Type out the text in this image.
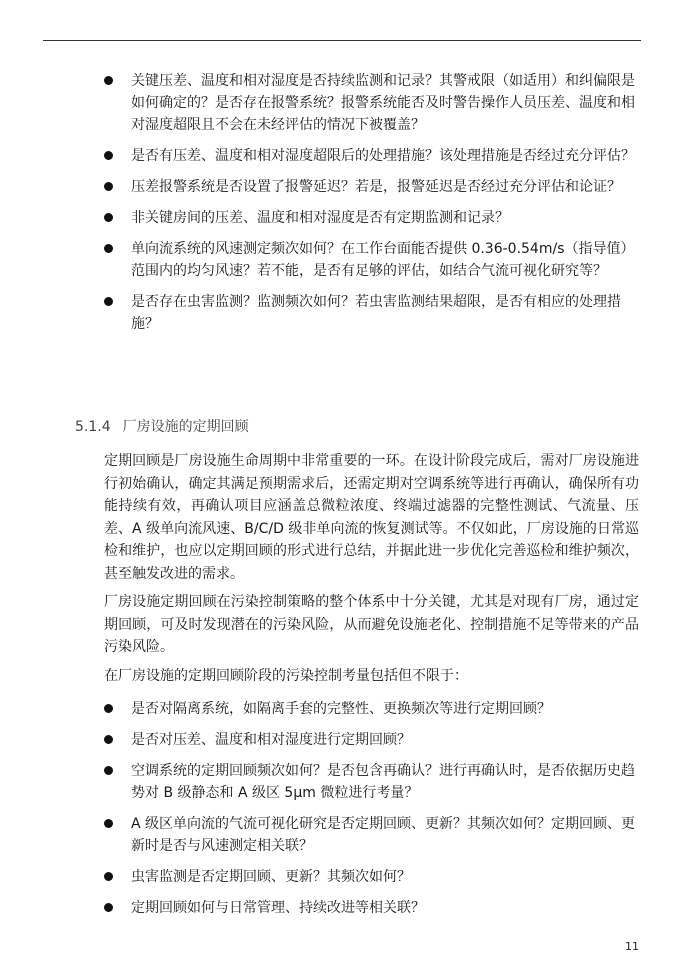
关键压差、温度和相对湿度是否持续监测和记录？其警戒限（如适用）和纠偏限是如何确定的？是否存在报警系统？报警系统能否及时警告操作人员压差、温度和相对湿度超限且不会在未经评估的情况下被覆盖？
是否有压差、温度和相对湿度超限后的处理措施？该处理措施是否经过充分评估？
压差报警系统是否设置了报警延迟？若是，报警延迟是否经过充分评估和论证？
非关键房间的压差、温度和相对湿度是否有定期监测和记录？
单向流系统的风速测定频次如何？在工作台面能否提供 0.36-0.54m/s（指导值）范围内的均匀风速？若不能，是否有足够的评估，如结合气流可视化研究等？
是否存在虫害监测？监测频次如何？若虫害监测结果超限，是否有相应的处理措施？
5.1.4 厂房设施的定期回顾
定期回顾是厂房设施生命周期中非常重要的一环。在设计阶段完成后，需对厂房设施进行初始确认，确定其满足预期需求后，还需定期对空调系统等进行再确认，确保所有功能持续有效，再确认项目应涵盖总微粒浓度、终端过滤器的完整性测试、气流量、压差、A 级单向流风速、B/C/D 级非单向流的恢复测试等。不仅如此，厂房设施的日常巡检和维护，也应以定期回顾的形式进行总结，并据此进一步优化完善巡检和维护频次，甚至触发改进的需求。
厂房设施定期回顾在污染控制策略的整个体系中十分关键，尤其是对现有厂房，通过定期回顾，可及时发现潜在的污染风险，从而避免设施老化、控制措施不足等带来的产品污染风险。
在厂房设施的定期回顾阶段的污染控制考量包括但不限于：
是否对隔离系统，如隔离手套的完整性、更换频次等进行定期回顾？
是否对压差、温度和相对湿度进行定期回顾？
空调系统的定期回顾频次如何？是否包含再确认？进行再确认时，是否依据历史趋势对 B 级静态和 A 级区 5μm 微粒进行考量？
A 级区单向流的气流可视化研究是否定期回顾、更新？其频次如何？定期回顾、更新时是否与风速测定相关联？
虫害监测是否定期回顾、更新？其频次如何？
定期回顾如何与日常管理、持续改进等相关联？
11
